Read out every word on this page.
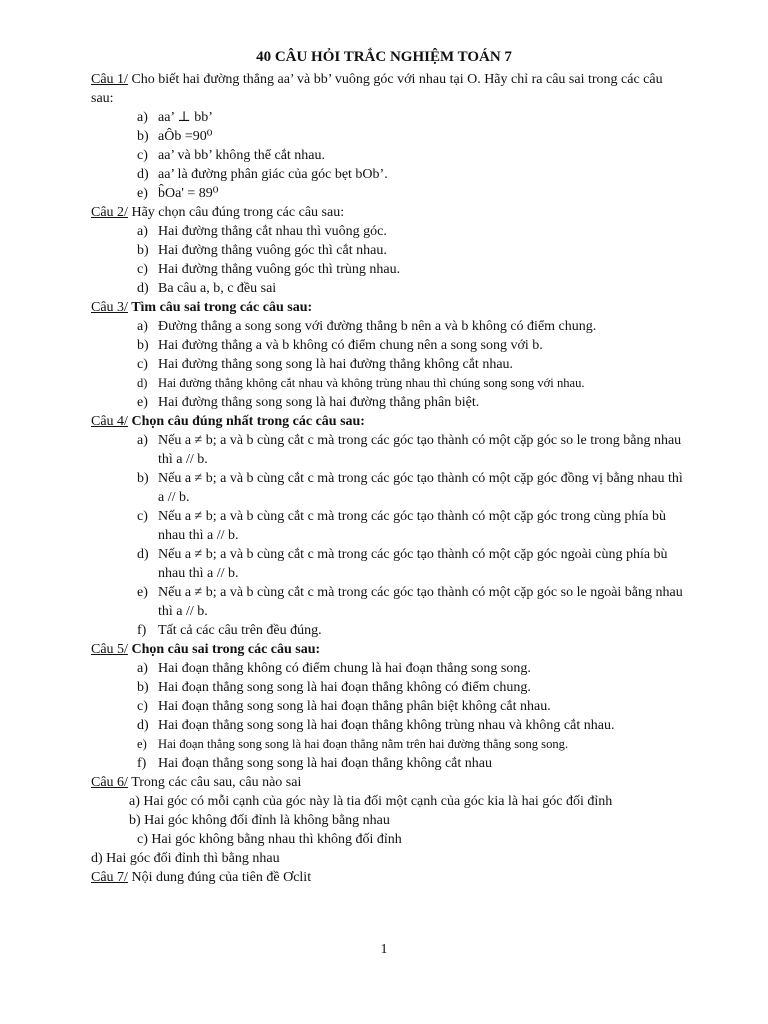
40 CÂU HỎI TRẮC NGHIỆM TOÁN 7

Câu 1/ Cho biết hai đường thẳng aa’ và bb’ vuông góc với nhau tại O. Hãy chỉ ra câu sai trong các câu sau:

a) aa’ ⊥ bb’
b) aÔb =90⁰
c) aa’ và bb’ không thể cắt nhau.
d) aa’ là đường phân giác của góc bẹt bOb’.
e) b̂Oa' = 89⁰

Câu 2/ Hãy chọn câu đúng trong các câu sau:

a) Hai đường thẳng cắt nhau thì vuông góc.
b) Hai đường thẳng vuông góc thì cắt nhau.
c) Hai đường thẳng vuông góc thì trùng nhau.
d) Ba câu a, b, c đều sai

Câu 3/ Tìm câu sai trong các câu sau:

a) Đường thẳng a song song với đường thẳng b nên a và b không có điểm chung.
b) Hai đường thẳng a và b không có điểm chung nên a song song với b.
c) Hai đường thẳng song song là hai đường thẳng không cắt nhau.
d) Hai đường thẳng không cắt nhau và không trùng nhau thì chúng song song với nhau.
e) Hai đường thẳng song song là hai đường thẳng phân biệt.

Câu 4/ Chọn câu đúng nhất trong các câu sau:

a) Nếu a ≠ b; a và b cùng cắt c mà trong các góc tạo thành có một cặp góc so le trong bằng nhau thì a // b.
b) Nếu a ≠ b; a và b cùng cắt c mà trong các góc tạo thành có một cặp góc đồng vị bằng nhau thì a // b.
c) Nếu a ≠ b; a và b cùng cắt c mà trong các góc tạo thành có một cặp góc trong cùng phía bù nhau thì a // b.
d) Nếu a ≠ b; a và b cùng cắt c mà trong các góc tạo thành có một cặp góc ngoài cùng phía bù nhau thì a // b.
e) Nếu a ≠ b; a và b cùng cắt c mà trong các góc tạo thành có một cặp góc so le ngoài bằng nhau thì a // b.
f) Tất cả các câu trên đều đúng.

Câu 5/ Chọn câu sai trong các câu sau:

a) Hai đoạn thẳng không có điểm chung là hai đoạn thẳng song song.
b) Hai đoạn thẳng song song là hai đoạn thẳng không có điểm chung.
c) Hai đoạn thẳng song song là hai đoạn thẳng phân biệt không cắt nhau.
d) Hai đoạn thẳng song song là hai đoạn thẳng không trùng nhau và không cắt nhau.
e) Hai đoạn thẳng song song là hai đoạn thẳng nằm trên hai đường thẳng song song.
f) Hai đoạn thẳng song song là hai đoạn thẳng không cắt nhau

Câu 6/ Trong các câu sau, câu nào sai

a) Hai góc có mỗi cạnh của góc này là tia đối một cạnh của góc kia là hai góc đối đỉnh
b) Hai góc không đối đỉnh là không bằng nhau
c) Hai góc không bằng nhau thì không đối đỉnh
d) Hai góc đối đỉnh thì bằng nhau

Câu 7/ Nội dung đúng của tiên đề Ơclit

1
